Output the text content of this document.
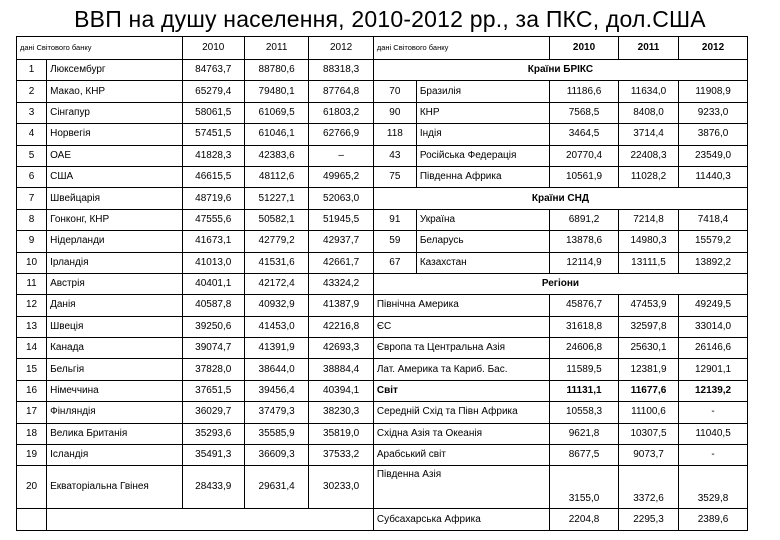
ВВП на душу населення, 2010-2012 рр., за ПКС, дол.США
дані Світового банку		2010	2011	2012	дані Світового банку		2010	2011	2012
1	Люксембург	84763,7	88780,6	88318,3	Країни БРІКС				
2	Макао, КНР	65279,4	79480,1	87764,8	70	Бразилія	11186,6	11634,0	11908,9
3	Сінгапур	58061,5	61069,5	61803,2	90	КНР	7568,5	8408,0	9233,0
4	Норвегія	57451,5	61046,1	62766,9	118	Індія	3464,5	3714,4	3876,0
5	ОАЕ	41828,3	42383,6	–	43	Російська Федерація	20770,4	22408,3	23549,0
6	США	46615,5	48112,6	49965,2	75	Південна Африка	10561,9	11028,2	11440,3
7	Швейцарія	48719,6	51227,1	52063,0	Країни СНД				
8	Гонконг, КНР	47555,6	50582,1	51945,5	91	Україна	6891,2	7214,8	7418,4
9	Нідерланди	41673,1	42779,2	42937,7	59	Беларусь	13878,6	14980,3	15579,2
10	Ірландія	41013,0	41531,6	42661,7	67	Казахстан	12114,9	13111,5	13892,2
11	Австрія	40401,1	42172,4	43324,2	Регіони				
12	Данія	40587,8	40932,9	41387,9	Північна Америка		45876,7	47453,9	49249,5
13	Швеція	39250,6	41453,0	42216,8	ЄС		31618,8	32597,8	33014,0
14	Канада	39074,7	41391,9	42693,3	Європа та Центральна Азія		24606,8	25630,1	26146,6
15	Бельгія	37828,0	38644,0	38884,4	Лат. Америка та Кариб. Бас.		11589,5	12381,9	12901,1
16	Німеччина	37651,5	39456,4	40394,1	Світ		11131,1	11677,6	12139,2
17	Фінляндія	36029,7	37479,3	38230,3	Середній Схід та Півн Африка		10558,3	11100,6	-
18	Велика Британія	35293,6	35585,9	35819,0	Східна Азія та Океанія		9621,8	10307,5	11040,5
19	Ісландія	35491,3	36609,3	37533,2	Арабський світ		8677,5	9073,7	-
20	Екваторіальна Гвінея	28433,9	29631,4	30233,0	Південна Азія		3155,0	3372,6	3529,8
					Субсахарська Африка		2204,8	2295,3	2389,6
